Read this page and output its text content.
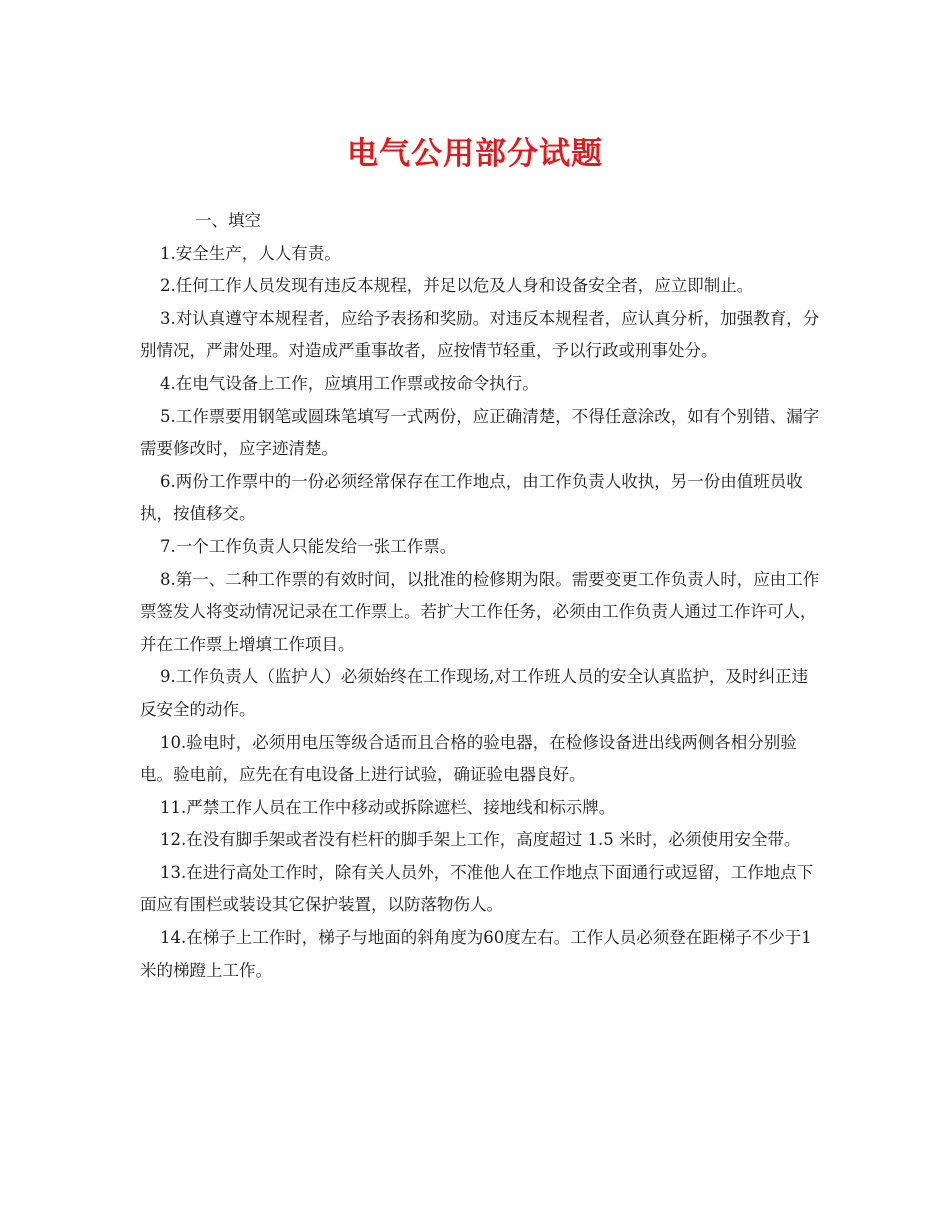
电气公用部分试题

一、填空

1.安全生产，人人有责。

2.任何工作人员发现有违反本规程，并足以危及人身和设备安全者，应立即制止。

3.对认真遵守本规程者，应给予表扬和奖励。对违反本规程者，应认真分析，加强教育，分别情况，严肃处理。对造成严重事故者，应按情节轻重，予以行政或刑事处分。

4.在电气设备上工作，应填用工作票或按命令执行。

5.工作票要用钢笔或圆珠笔填写一式两份，应正确清楚，不得任意涂改，如有个别错、漏字需要修改时，应字迹清楚。

6.两份工作票中的一份必须经常保存在工作地点，由工作负责人收执，另一份由值班员收执，按值移交。

7.一个工作负责人只能发给一张工作票。

8.第一、二种工作票的有效时间，以批准的检修期为限。需要变更工作负责人时，应由工作票签发人将变动情况记录在工作票上。若扩大工作任务，必须由工作负责人通过工作许可人，并在工作票上增填工作项目。

9.工作负责人（监护人）必须始终在工作现场,对工作班人员的安全认真监护，及时纠正违反安全的动作。

10.验电时，必须用电压等级合适而且合格的验电器，在检修设备进出线两侧各相分别验电。验电前，应先在有电设备上进行试验，确证验电器良好。

11.严禁工作人员在工作中移动或拆除遮栏、接地线和标示牌。

12.在没有脚手架或者没有栏杆的脚手架上工作，高度超过 1.5 米时，必须使用安全带。

13.在进行高处工作时，除有关人员外，不准他人在工作地点下面通行或逗留，工作地点下面应有围栏或装设其它保护装置，以防落物伤人。

14.在梯子上工作时，梯子与地面的斜角度为60度左右。工作人员必须登在距梯子不少于1米的梯蹬上工作。
